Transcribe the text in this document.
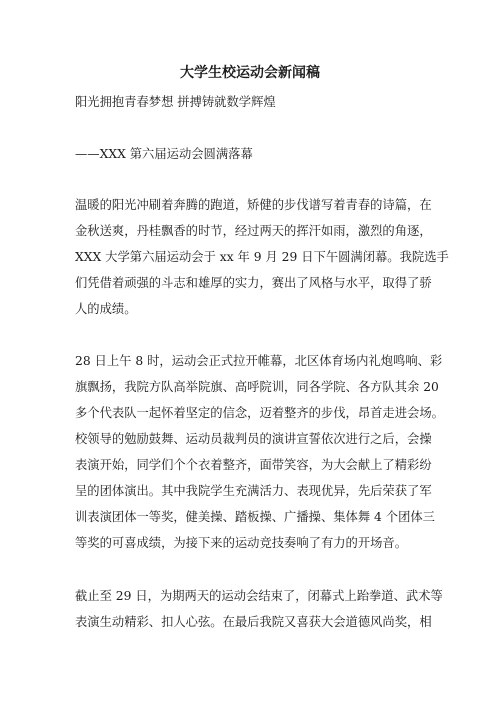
大学生校运动会新闻稿

阳光拥抱青春梦想 拼搏铸就数学辉煌

——XXX 第六届运动会圆满落幕

温暖的阳光冲刷着奔腾的跑道，矫健的步伐谱写着青春的诗篇，在

金秋送爽，丹桂飘香的时节，经过两天的挥汗如雨，激烈的角逐，

XXX 大学第六届运动会于 xx 年 9 月 29 日下午圆满闭幕。我院选手

们凭借着顽强的斗志和雄厚的实力，赛出了风格与水平，取得了骄

人的成绩。

28 日上午 8 时，运动会正式拉开帷幕，北区体育场内礼炮鸣响、彩

旗飘扬，我院方队高举院旗、高呼院训，同各学院、各方队其余 20

多个代表队一起怀着坚定的信念，迈着整齐的步伐，昂首走进会场。

校领导的勉励鼓舞、运动员裁判员的演讲宣誓依次进行之后，会操

表演开始，同学们个个衣着整齐，面带笑容，为大会献上了精彩纷

呈的团体演出。其中我院学生充满活力、表现优异，先后荣获了军

训表演团体一等奖，健美操、踏板操、广播操、集体舞 4 个团体三

等奖的可喜成绩，为接下来的运动竞技奏响了有力的开场音。

截止至 29 日，为期两天的运动会结束了，闭幕式上跆拳道、武术等

表演生动精彩、扣人心弦。在最后我院又喜获大会道德风尚奖，相
